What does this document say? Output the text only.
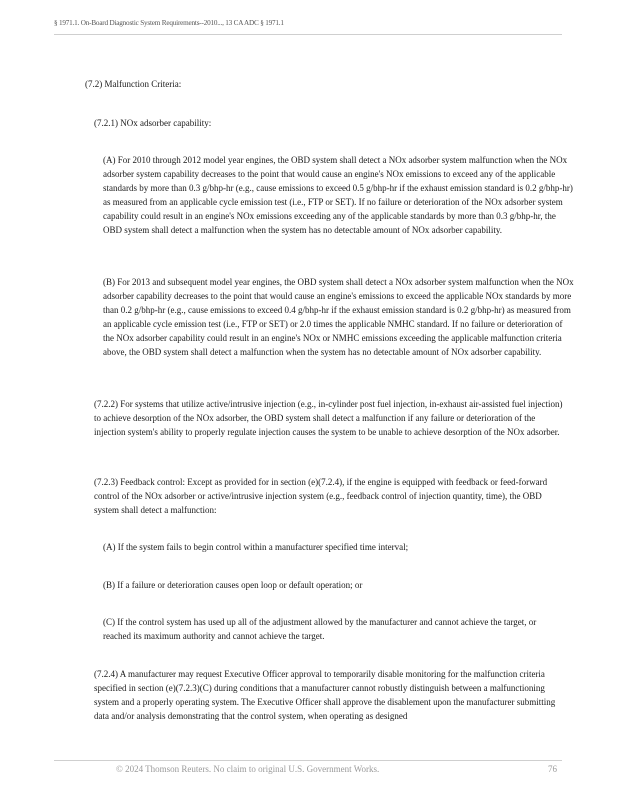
§ 1971.1. On-Board Diagnostic System Requirements--2010..., 13 CA ADC § 1971.1

(7.2) Malfunction Criteria:

(7.2.1) NOx adsorber capability:

(A) For 2010 through 2012 model year engines, the OBD system shall detect a NOx adsorber system malfunction when the NOx adsorber system capability decreases to the point that would cause an engine's NOx emissions to exceed any of the applicable standards by more than 0.3 g/bhp-hr (e.g., cause emissions to exceed 0.5 g/bhp-hr if the exhaust emission standard is 0.2 g/bhp-hr) as measured from an applicable cycle emission test (i.e., FTP or SET). If no failure or deterioration of the NOx adsorber system capability could result in an engine's NOx emissions exceeding any of the applicable standards by more than 0.3 g/bhp-hr, the OBD system shall detect a malfunction when the system has no detectable amount of NOx adsorber capability.

(B) For 2013 and subsequent model year engines, the OBD system shall detect a NOx adsorber system malfunction when the NOx adsorber capability decreases to the point that would cause an engine's emissions to exceed the applicable NOx standards by more than 0.2 g/bhp-hr (e.g., cause emissions to exceed 0.4 g/bhp-hr if the exhaust emission standard is 0.2 g/bhp-hr) as measured from an applicable cycle emission test (i.e., FTP or SET) or 2.0 times the applicable NMHC standard. If no failure or deterioration of the NOx adsorber capability could result in an engine's NOx or NMHC emissions exceeding the applicable malfunction criteria above, the OBD system shall detect a malfunction when the system has no detectable amount of NOx adsorber capability.

(7.2.2) For systems that utilize active/intrusive injection (e.g., in-cylinder post fuel injection, in-exhaust air-assisted fuel injection) to achieve desorption of the NOx adsorber, the OBD system shall detect a malfunction if any failure or deterioration of the injection system's ability to properly regulate injection causes the system to be unable to achieve desorption of the NOx adsorber.

(7.2.3) Feedback control: Except as provided for in section (e)(7.2.4), if the engine is equipped with feedback or feed-forward control of the NOx adsorber or active/intrusive injection system (e.g., feedback control of injection quantity, time), the OBD system shall detect a malfunction:

(A) If the system fails to begin control within a manufacturer specified time interval;

(B) If a failure or deterioration causes open loop or default operation; or

(C) If the control system has used up all of the adjustment allowed by the manufacturer and cannot achieve the target, or reached its maximum authority and cannot achieve the target.

(7.2.4) A manufacturer may request Executive Officer approval to temporarily disable monitoring for the malfunction criteria specified in section (e)(7.2.3)(C) during conditions that a manufacturer cannot robustly distinguish between a malfunctioning system and a properly operating system. The Executive Officer shall approve the disablement upon the manufacturer submitting data and/or analysis demonstrating that the control system, when operating as designed

© 2024 Thomson Reuters. No claim to original U.S. Government Works.	76
